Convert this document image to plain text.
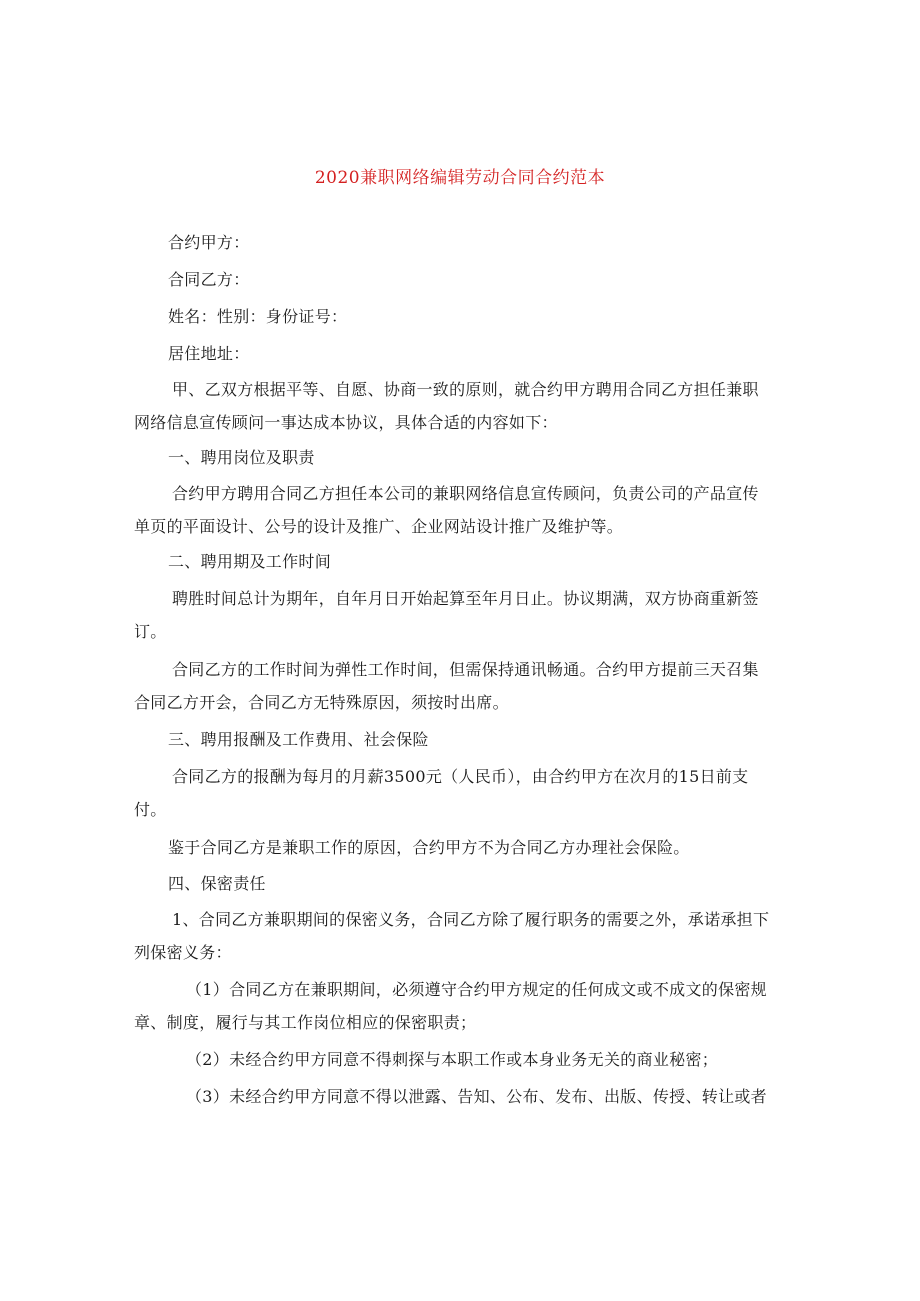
2020兼职网络编辑劳动合同合约范本
合约甲方：
合同乙方：
姓名：性别：身份证号：
居住地址：
甲、乙双方根据平等、自愿、协商一致的原则，就合约甲方聘用合同乙方担任兼职
网络信息宣传顾问一事达成本协议，具体合适的内容如下：
一、聘用岗位及职责
合约甲方聘用合同乙方担任本公司的兼职网络信息宣传顾问，负责公司的产品宣传
单页的平面设计、公号的设计及推广、企业网站设计推广及维护等。
二、聘用期及工作时间
聘胜时间总计为期年，自年月日开始起算至年月日止。协议期满，双方协商重新签
订。
合同乙方的工作时间为弹性工作时间，但需保持通讯畅通。合约甲方提前三天召集
合同乙方开会，合同乙方无特殊原因，须按时出席。
三、聘用报酬及工作费用、社会保险
合同乙方的报酬为每月的月薪3500元（人民币），由合约甲方在次月的15日前支
付。
鉴于合同乙方是兼职工作的原因，合约甲方不为合同乙方办理社会保险。
四、保密责任
1、合同乙方兼职期间的保密义务，合同乙方除了履行职务的需要之外，承诺承担下
列保密义务：
（1）合同乙方在兼职期间，必须遵守合约甲方规定的任何成文或不成文的保密规
章、制度，履行与其工作岗位相应的保密职责；
（2）未经合约甲方同意不得刺探与本职工作或本身业务无关的商业秘密；
（3）未经合约甲方同意不得以泄露、告知、公布、发布、出版、传授、转让或者
